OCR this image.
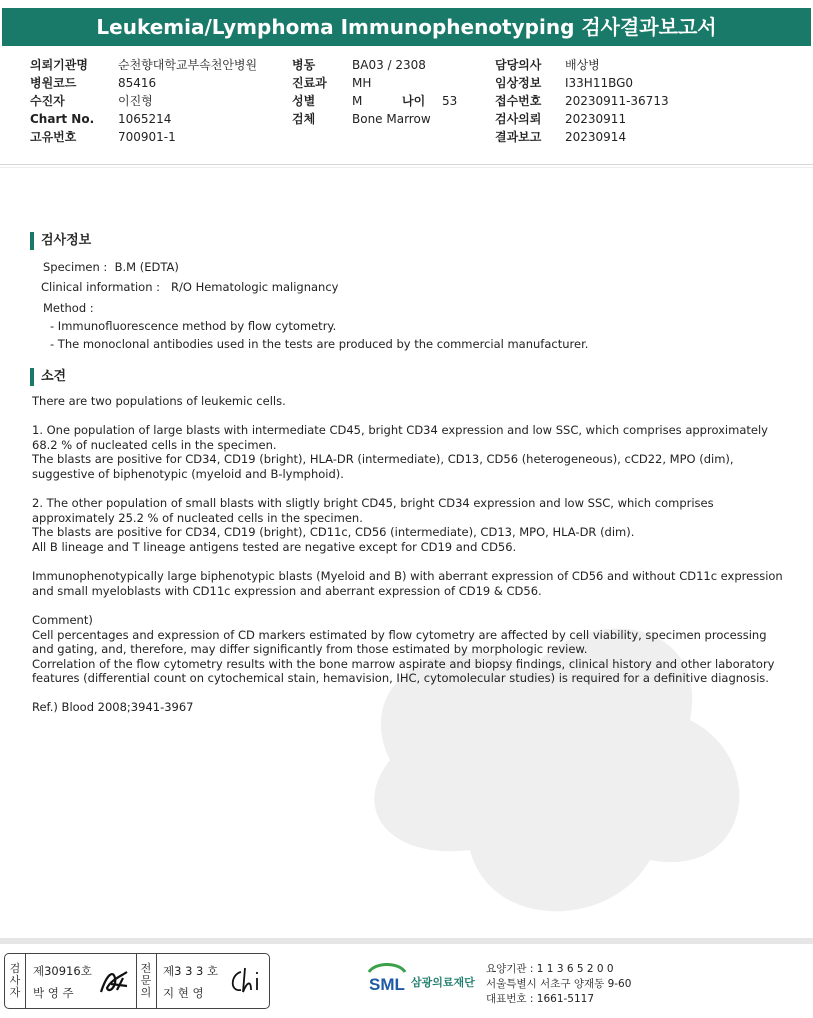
Leukemia/Lymphoma Immunophenotyping 검사결과보고서
의뢰기관명	순천향대학교부속천안병원
병원코드	85416
수진자	이진형
Chart No. 1065214
고유번호	700901-1
병동	BA03 / 2308
진료과 MH
성별	M	나이 53
검체	Bone Marrow
담당의사 배상병
임상정보 I33H11BG0
접수번호 20230911-36713
검사의뢰 20230911
결과보고 20230914
검사정보
Specimen :  B.M (EDTA)
Clinical information :   R/O Hematologic malignancy
Method :
- Immunofluorescence method by flow cytometry.
- The monoclonal antibodies used in the tests are produced by the commercial manufacturer.
소견

There are two populations of leukemic cells.

1. One population of large blasts with intermediate CD45, bright CD34 expression and low SSC, which comprises approximately
68.2 % of nucleated cells in the specimen.
The blasts are positive for CD34, CD19 (bright), HLA-DR (intermediate), CD13, CD56 (heterogeneous), cCD22, MPO (dim),
suggestive of biphenotypic (myeloid and B-lymphoid).

2. The other population of small blasts with sligtly bright CD45, bright CD34 expression and low SSC, which comprises
approximately 25.2 % of nucleated cells in the specimen.
The blasts are positive for CD34, CD19 (bright), CD11c, CD56 (intermediate), CD13, MPO, HLA-DR (dim).
All B lineage and T lineage antigens tested are negative except for CD19 and CD56.

Immunophenotypically large biphenotypic blasts (Myeloid and B) with aberrant expression of CD56 and without CD11c expression
and small myeloblasts with CD11c expression and aberrant expression of CD19 & CD56.

Comment)
Cell percentages and expression of CD markers estimated by flow cytometry are affected by cell viability, specimen processing
and gating, and, therefore, may differ significantly from those estimated by morphologic review.
Correlation of the flow cytometry results with the bone marrow aspirate and biopsy findings, clinical history and other laboratory
features (differential count on cytochemical stain, hemavision, IHC, cytomolecular studies) is required for a definitive diagnosis.

Ref.) Blood 2008;3941-3967

검
사
자
제30916호
박 영 주
전
문
의
제3 3 3 호
지 현 영	SML 삼광의료재단
요양기관 : 1 1 3 6 5 2 0 0
서울특별시 서초구 양재동 9-60
대표번호 : 1661-5117
